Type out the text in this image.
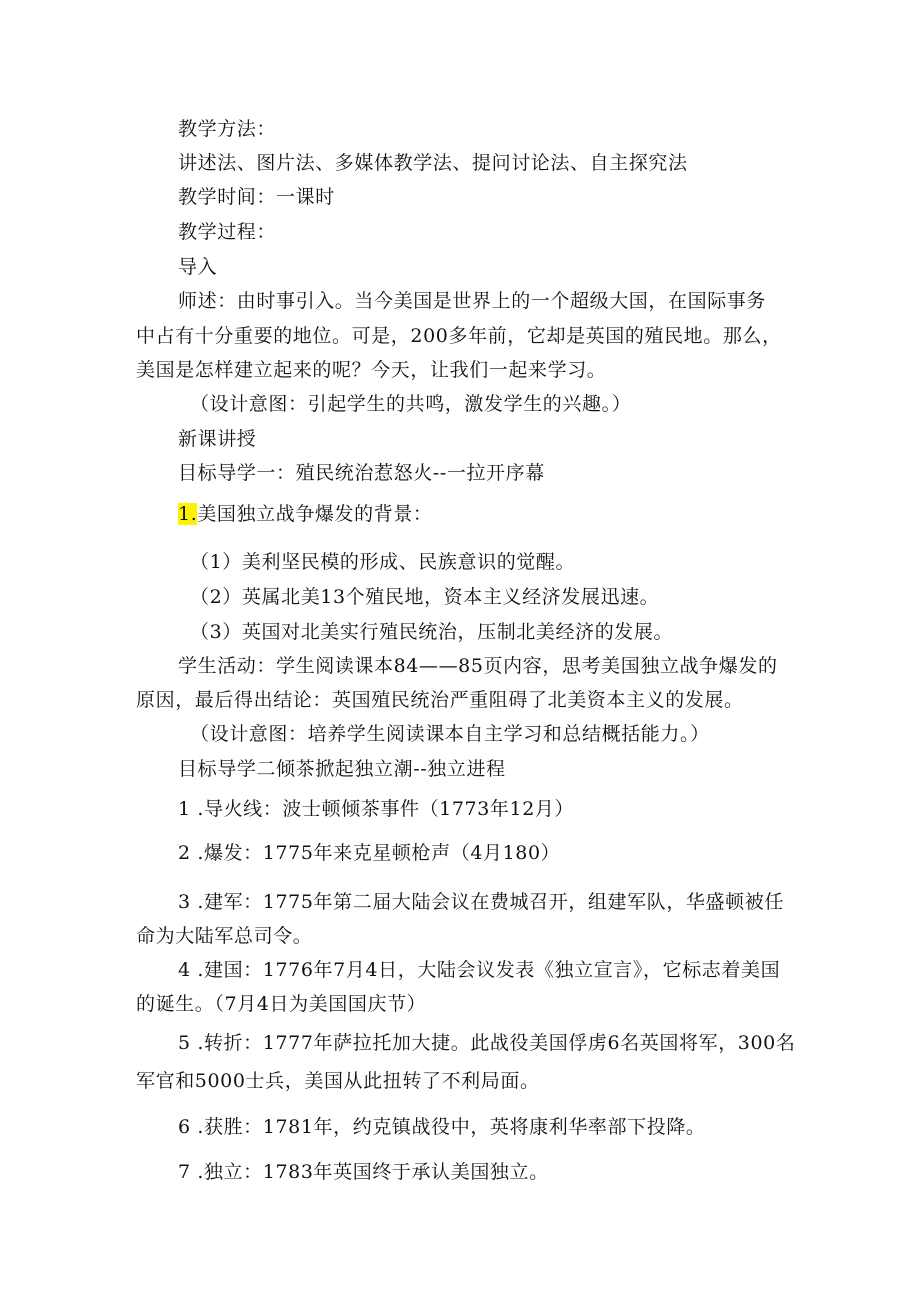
教学方法：
讲述法、图片法、多媒体教学法、提问讨论法、自主探究法
教学时间：一课时
教学过程：
导入
师述：由时事引入。当今美国是世界上的一个超级大国，在国际事务
中占有十分重要的地位。可是，200多年前，它却是英国的殖民地。那么，
美国是怎样建立起来的呢？今天，让我们一起来学习。
（设计意图：引起学生的共鸣，激发学生的兴趣。）
新课讲授
目标导学一：殖民统治惹怒火--一拉开序幕
1.美国独立战争爆发的背景：
（1）美利坚民模的形成、民族意识的觉醒。
（2）英属北美13个殖民地，资本主义经济发展迅速。
（3）英国对北美实行殖民统治，压制北美经济的发展。
学生活动：学生阅读课本84——85页内容，思考美国独立战争爆发的
原因，最后得出结论：英国殖民统治严重阻碍了北美资本主义的发展。
（设计意图：培养学生阅读课本自主学习和总结概括能力。）
目标导学二倾茶掀起独立潮--独立进程
1 .导火线：波士顿倾茶事件（1773年12月）
2 .爆发：1775年来克星顿枪声（4月180）
3 .建军：1775年第二届大陆会议在费城召开，组建军队，华盛顿被任
命为大陆军总司令。
4 .建国：1776年7月4日，大陆会议发表《独立宣言》，它标志着美国
的诞生。（7月4日为美国国庆节）
5 .转折：1777年萨拉托加大捷。此战役美国俘虏6名英国将军，300名
军官和5000士兵，美国从此扭转了不利局面。
6 .获胜：1781年，约克镇战役中，英将康利华率部下投降。
7 .独立：1783年英国终于承认美国独立。
